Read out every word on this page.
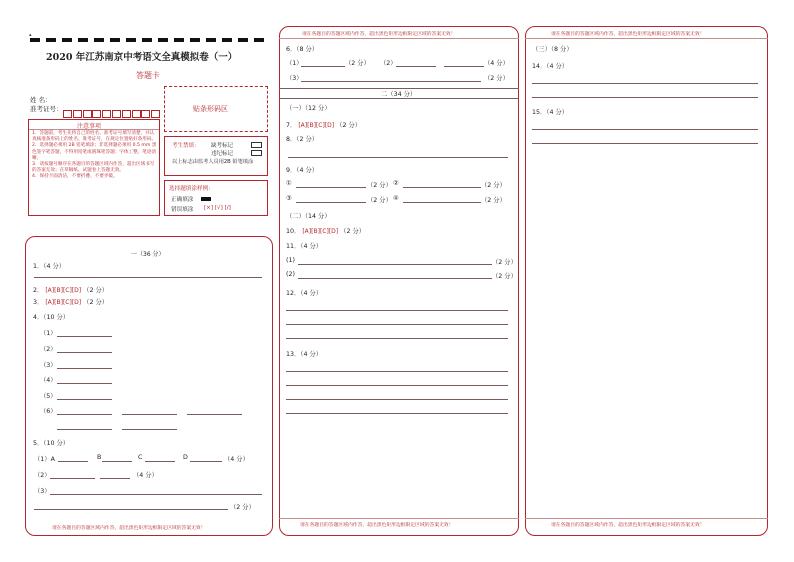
▴
2020 年江苏南京中考语文全真模拟卷（一）
答题卡
姓 名：
准考证号：	贴条形码区
注意事项
1．答题前，考生先将自己的姓名、准考证号填写清楚，并认真核准条形码上的姓名、准考证号，在规定位置贴好条形码。
2．选择题必须用 2B 铅笔填涂；非选择题必须用 0.5 mm 黑色签字笔答题，不得用铅笔或圆珠笔答题；字体工整、笔迹清晰。
3．请按题号顺序在各题目的答题区域内作答，超出区域书写的答案无效；在草稿纸、试题卷上答题无效。
4．保持卡面清洁，不要折叠、不要弄破。
考生禁填： 缺考标记
违纪标记
以上标志由监考人员用2B 铅笔填涂
选择题填涂样例：
正确填涂
错误填涂 [×] [√] [/]
一（36 分）
1．（4 分）
2． [A][B][C][D] （2 分）
3． [A][B][C][D] （2 分）
4．（10 分）
（1）
（2）
（3）
（4）
（5）
（6）
5．（10 分）
（1）A	B	C	D	（4 分）
（2）	（4 分）
（3）
（2 分）
请在各题目的答题区域内作答，超出黑色矩形边框限定区域的答案无效！
请在各题目的答题区域内作答，超出黑色矩形边框限定区域的答案无效！
6．（8 分）
（1）	（2 分） （2）	（4 分）
（3）	（2 分）
二（34 分）
（一）（12 分）
7． [A][B][C][D] （2 分）
8．（2 分）
9．（4 分）
①	（2 分） ②	（2 分）
③	（2 分） ④	（2 分）
（二）（14 分）
10． [A][B][C][D] （2 分）
11．（4 分）
(1)	（2 分）
(2)	（2 分）
12．（4 分）
13．（4 分）
请在各题目的答题区域内作答，超出黑色矩形边框限定区域的答案无效！
请在各题目的答题区域内作答，超出黑色矩形边框限定区域的答案无效！
（三）（8 分）
14．（4 分）
15．（4 分）
请在各题目的答题区域内作答，超出黑色矩形边框限定区域的答案无效！
